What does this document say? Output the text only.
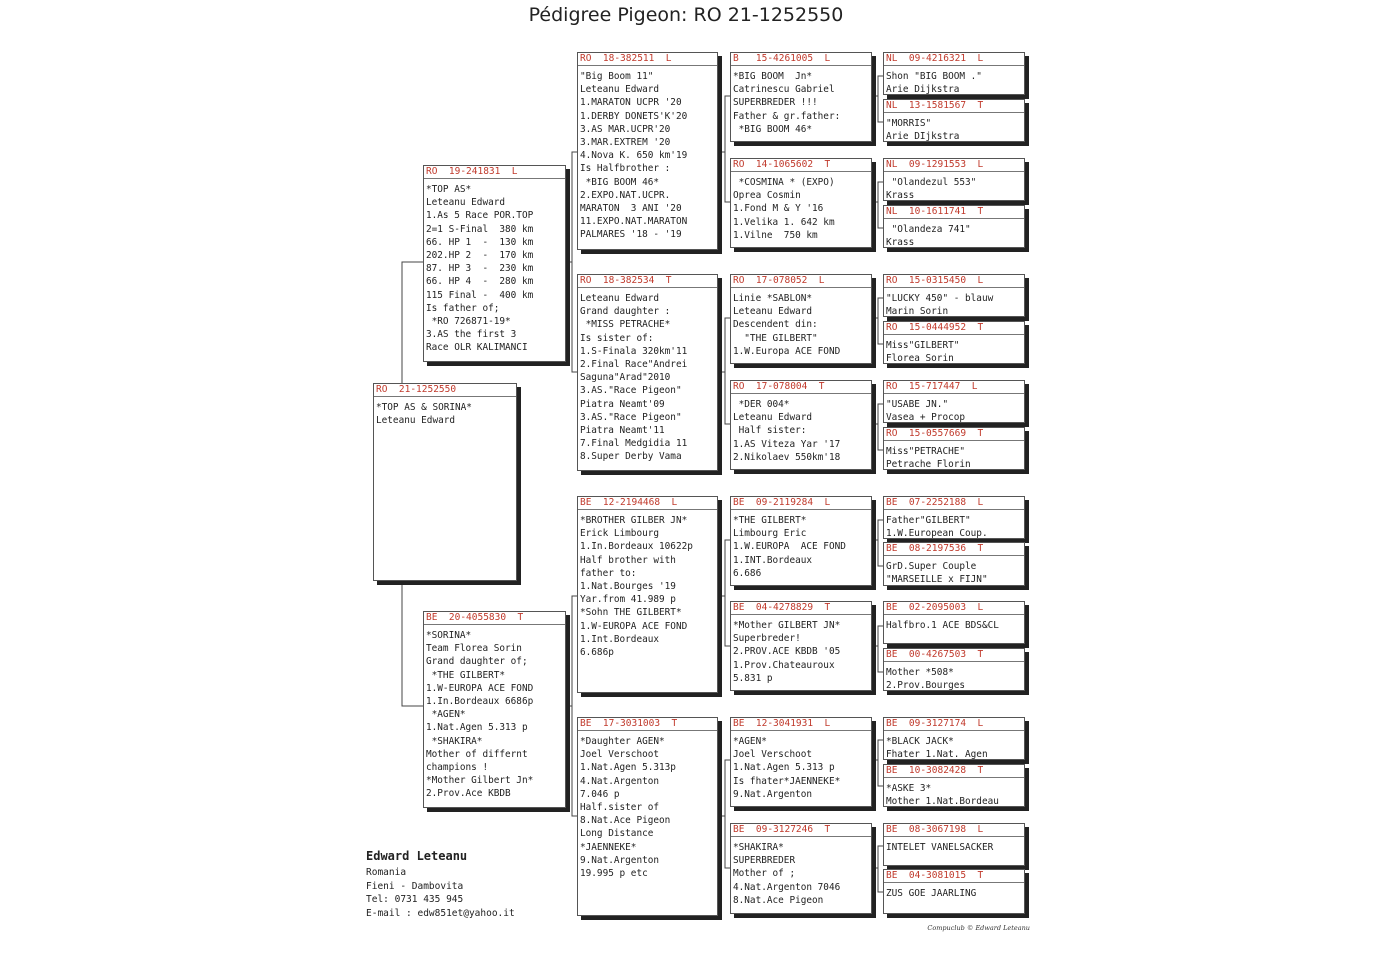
Pédigree Pigeon: RO 21-1252550
RO  21-1252550
*TOP AS & SORINA*
Leteanu Edward
RO  19-241831  L
*TOP AS*
Leteanu Edward
1.As 5 Race POR.TOP
2=1 S-Final  380 km
66. HP 1  -  130 km
202.HP 2  -  170 km
87. HP 3  -  230 km
66. HP 4  -  280 km
115 Final -  400 km
Is father of;
*RO 726871-19*
3.AS the first 3
Race OLR KALIMANCI
BE  20-4055830  T
*SORINA*
Team Florea Sorin
Grand daughter of;
*THE GILBERT*
1.W-EUROPA ACE FOND
1.In.Bordeaux 6686p
*AGEN*
1.Nat.Agen 5.313 p
*SHAKIRA*
Mother of differnt
champions !
*Mother Gilbert Jn*
2.Prov.Ace KBDB
RO  18-382511  L
"Big Boom 11"
Leteanu Edward
1.MARATON UCPR '20
1.DERBY DONETS'K'20
3.AS MAR.UCPR'20
3.MAR.EXTREM '20
4.Nova K. 650 km'19
Is Halfbrother :
*BIG BOOM 46*
2.EXPO.NAT.UCPR.
MARATON  3 ANI '20
11.EXPO.NAT.MARATON
PALMARES '18 - '19
RO  18-382534  T
Leteanu Edward
Grand daughter :
*MISS PETRACHE*
Is sister of:
1.S-Finala 320km'11
2.Final Race"Andrei
Saguna"Arad"2010
3.AS."Race Pigeon"
Piatra Neamt'09
3.AS."Race Pigeon"
Piatra Neamt'11
7.Final Medgidia 11
8.Super Derby Vama
BE  12-2194468  L
*BROTHER GILBER JN*
Erick Limbourg
1.In.Bordeaux 10622p
Half brother with
father to:
1.Nat.Bourges '19
Yar.from 41.989 p
*Sohn THE GILBERT*
1.W-EUROPA ACE FOND
1.Int.Bordeaux
6.686p
BE  17-3031003  T
*Daughter AGEN*
Joel Verschoot
1.Nat.Agen 5.313p
4.Nat.Argenton
7.046 p
Half.sister of
8.Nat.Ace Pigeon
Long Distance
*JAENNEKE*
9.Nat.Argenton
19.995 p etc
B   15-4261005  L
*BIG BOOM  Jn*
Catrinescu Gabriel
SUPERBREDER !!!
Father & gr.father:
*BIG BOOM 46*
RO  14-1065602  T
*COSMINA * (EXPO)
Oprea Cosmin
1.Fond M & Y '16
1.Velika 1. 642 km
1.Vilne  750 km
RO  17-078052  L
Linie *SABLON*
Leteanu Edward
Descendent din:
"THE GILBERT"
1.W.Europa ACE FOND
RO  17-078004  T
*DER 004*
Leteanu Edward
Half sister:
1.AS Viteza Yar '17
2.Nikolaev 550km'18
BE  09-2119284  L
*THE GILBERT*
Limbourg Eric
1.W.EUROPA  ACE FOND
1.INT.Bordeaux
6.686
BE  04-4278829  T
*Mother GILBERT JN*
Superbreder!
2.PROV.ACE KBDB '05
1.Prov.Chateauroux
5.831 p
BE  12-3041931  L
*AGEN*
Joel Verschoot
1.Nat.Agen 5.313 p
Is fhater*JAENNEKE*
9.Nat.Argenton
BE  09-3127246  T
*SHAKIRA*
SUPERBREDER
Mother of ;
4.Nat.Argenton 7046
8.Nat.Ace Pigeon
NL  09-4216321  L
Shon "BIG BOOM ."
Arie Dijkstra
NL  13-1581567  T
"MORRIS"
Arie DIjkstra
NL  09-1291553  L
"Olandezul 553"
Krass
NL  10-1611741  T
"Olandeza 741"
Krass
RO  15-0315450  L
"LUCKY 450" - blauw
Marin Sorin
RO  15-0444952  T
Miss"GILBERT"
Florea Sorin
RO  15-717447  L
"USABE JN."
Vasea + Procop
RO  15-0557669  T
Miss"PETRACHE"
Petrache Florin
BE  07-2252188  L
Father"GILBERT"
1.W.European Coup.
BE  08-2197536  T
GrD.Super Couple
"MARSEILLE x FIJN"
BE  02-2095003  L
Halfbro.1 ACE BDS&CL
BE  00-4267503  T
Mother *508*
2.Prov.Bourges
BE  09-3127174  L
*BLACK JACK*
Fhater 1.Nat. Agen
BE  10-3082428  T
*ASKE 3*
Mother 1.Nat.Bordeau
BE  08-3067198  L
INTELET VANELSACKER
BE  04-3081015  T
ZUS GOE JAARLING
Edward Leteanu
Romania
Fieni - Dambovita
Tel: 0731 435 945
E-mail : edw851et@yahoo.it
Compuclub © Edward Leteanu
